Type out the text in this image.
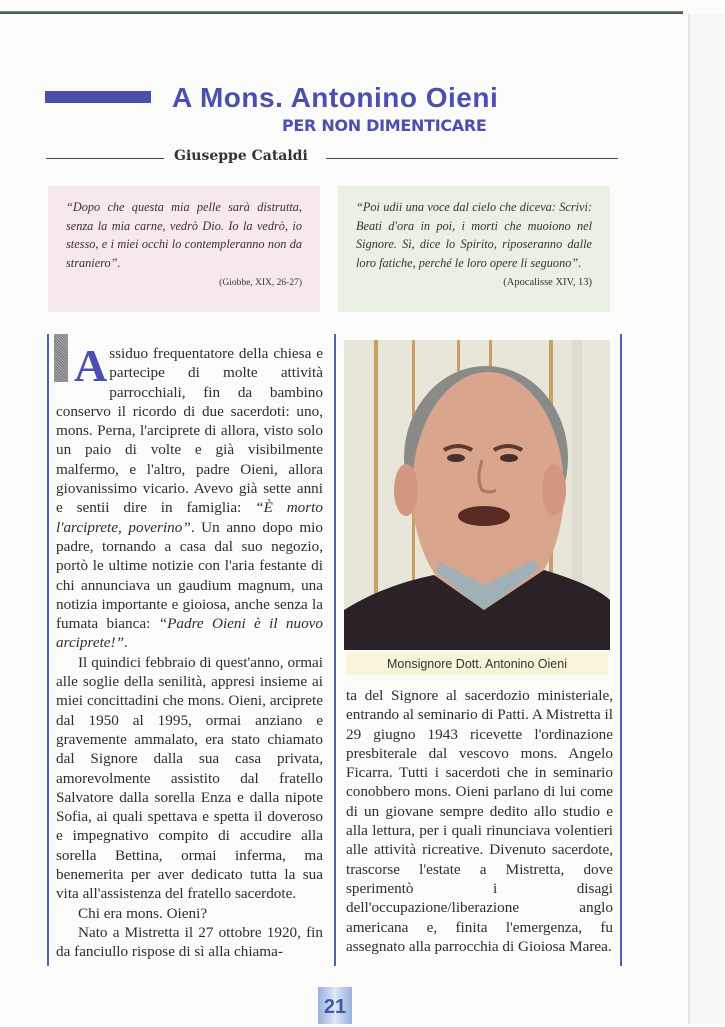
A Mons. Antonino Oieni
PER NON DIMENTICARE
Giuseppe Cataldi
“Dopo che questa mia pelle sarà distrutta, senza la mia carne, vedrò Dio. Io la vedrò, io stesso, e i miei occhi lo contempleranno non da straniero”.
(Giobbe, XIX, 26-27)
“Poi udii una voce dal cielo che diceva: Scrivi: Beati d'ora in poi, i morti che muoiono nel Signore. Sì, dice lo Spirito, riposeranno dalle loro fatiche, perché le loro opere li seguono”.
(Apocalisse XIV, 13)

Assiduo frequentatore della chiesa e partecipe di molte attività parrocchiali, fin da bambino conservo il ricordo di due sacerdoti: uno, mons. Perna, l'arciprete di allora, visto solo un paio di volte e già visibilmente malfermo, e l'altro, padre Oieni, allora giovanissimo vicario. Avevo già sette anni e sentii dire in famiglia: “È morto l'arciprete, poverino”. Un anno dopo mio padre, tornando a casa dal suo negozio, portò le ultime notizie con l'aria festante di chi annunciava un gaudium magnum, una notizia importante e gioiosa, anche senza la fumata bianca: “Padre Oieni è il nuovo arciprete!”.

Il quindici febbraio di quest'anno, ormai alle soglie della senilità, appresi insieme ai miei concittadini che mons. Oieni, arciprete dal 1950 al 1995, ormai anziano e gravemente ammalato, era stato chiamato dal Signore dalla sua casa privata, amorevolmente assistito dal fratello Salvatore dalla sorella Enza e dalla nipote Sofia, ai quali spettava e spetta il doveroso e impegnativo compito di accudire alla sorella Bettina, ormai inferma, ma benemerita per aver dedicato tutta la sua vita all'assistenza del fratello sacerdote.

Chi era mons. Oieni?

Nato a Mistretta il 27 ottobre 1920, fin da fanciullo rispose di sì alla chiama-

Monsignore Dott. Antonino Oieni

ta del Signore al sacerdozio ministeriale, entrando al seminario di Patti. A Mistretta il 29 giugno 1943 ricevette l'ordinazione presbiterale dal vescovo mons. Angelo Ficarra. Tutti i sacerdoti che in seminario conobbero mons. Oieni parlano di lui come di un giovane sempre dedito allo studio e alla lettura, per i quali rinunciava volentieri alle attività ricreative. Divenuto sacerdote, trascorse l'estate a Mistretta, dove sperimentò i disagi dell'occupazione/liberazione anglo americana e, finita l'emergenza, fu assegnato alla parrocchia di Gioiosa Marea.

21
